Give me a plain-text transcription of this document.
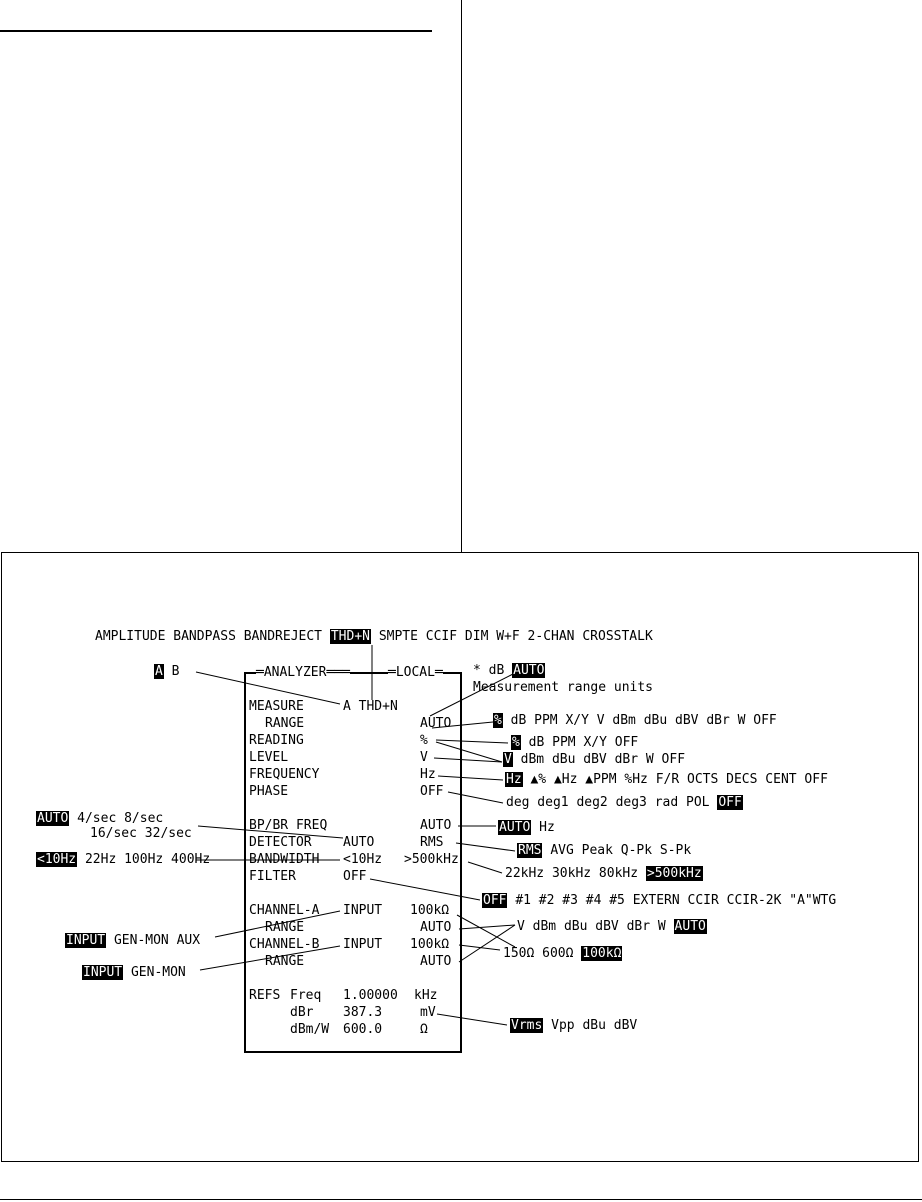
AMPLITUDE BANDPASS BANDREJECT THD+N SMPTE CCIF DIM W+F 2-CHAN CROSSTALK
═ANALYZER═══	═LOCAL═
MEASURE	A THD+N
RANGE	AUTO
READING	%
LEVEL	V
FREQUENCY	Hz
PHASE	OFF
BP/BR FREQ	AUTO
DETECTOR AUTO	RMS
BANDWIDTH <10Hz >500kHz
FILTER	OFF
CHANNEL-A INPUT 100kΩ
RANGE	AUTO
CHANNEL-B INPUT 100kΩ
RANGE	AUTO
REFS Freq 1.00000 kHz
dBr 387.3	mV
dBm/W 600.0	Ω
A B
AUTO 4/sec 8/sec
16/sec 32/sec
<10Hz 22Hz 100Hz 400Hz
INPUT GEN-MON AUX
INPUT GEN-MON
* dB AUTO
Measurement range units
% dB PPM X/Y V dBm dBu dBV dBr W OFF
% dB PPM X/Y OFF
V dBm dBu dBV dBr W OFF
Hz ▲% ▲Hz ▲PPM %Hz F/R OCTS DECS CENT OFF
deg deg1 deg2 deg3 rad POL OFF
AUTO Hz
RMS AVG Peak Q-Pk S-Pk
22kHz 30kHz 80kHz >500kHz
OFF #1 #2 #3 #4 #5 EXTERN CCIR CCIR-2K "A"WTG
V dBm dBu dBV dBr W AUTO
150Ω 600Ω 100kΩ
Vrms Vpp dBu dBV
